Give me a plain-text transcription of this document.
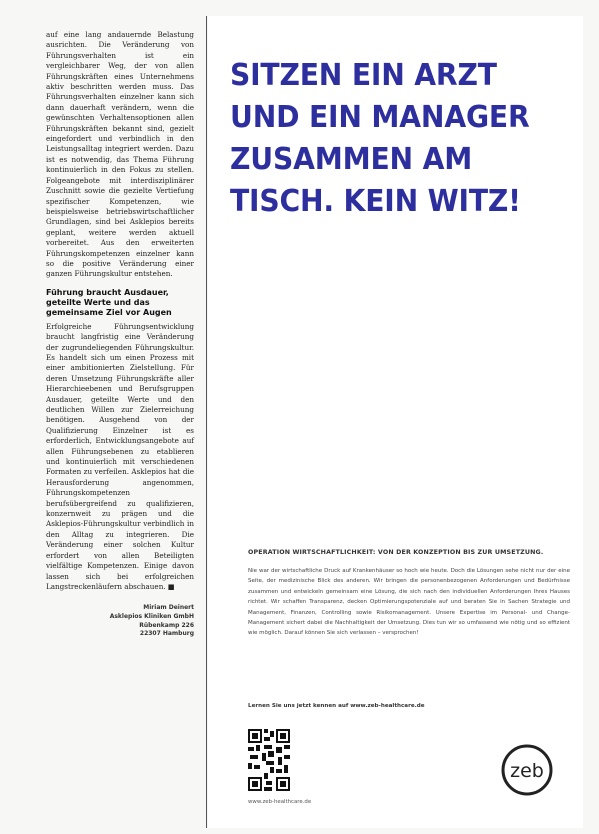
auf eine lang andauernde Belastung ausrichten. Die Veränderung von Führungsverhalten ist ein vergleichbarer Weg, der von allen Führungskräften eines Unternehmens aktiv beschritten werden muss. Das Führungsverhalten einzelner kann sich dann dauerhaft verändern, wenn die gewünschten Verhaltensoptionen allen Führungskräften bekannt sind, gezielt eingefordert und verbindlich in den Leistungsalltag integriert werden. Dazu ist es notwendig, das Thema Führung kontinuierlich in den Fokus zu stellen. Folgeangebote mit interdisziplinärer Zuschnitt sowie die gezielte Vertiefung spezifischer Kompetenzen, wie beispielsweise betriebswirtschaftlicher Grundlagen, sind bei Asklepios bereits geplant, weitere werden aktuell vorbereitet. Aus den erweiterten Führungskompetenzen einzelner kann so die positive Veränderung einer ganzen Führungskultur entstehen.

Führung braucht Ausdauer, geteilte Werte und das gemeinsame Ziel vor Augen

Erfolgreiche Führungsentwicklung braucht langfristig eine Veränderung der zugrundeliegenden Führungskultur. Es handelt sich um einen Prozess mit einer ambitionierten Zielstellung. Für deren Umsetzung Führungskräfte aller Hierarchieebenen und Berufsgruppen Ausdauer, geteilte Werte und den deutlichen Willen zur Zielerreichung benötigen. Ausgehend von der Qualifizierung Einzelner ist es erforderlich, Entwicklungsangebote auf allen Führungsebenen zu etablieren und kontinuierlich mit verschiedenen Formaten zu verfeilen. Asklepios hat die Herausforderung angenommen, Führungskompetenzen berufsübergreifend zu qualifizieren, konzernweit zu prägen und die Asklepios-Führungskultur verbindlich in den Alltag zu integrieren. Die Veränderung einer solchen Kultur erfordert von allen Beteiligten vielfältige Kompetenzen. Einige davon lassen sich bei erfolgreichen Langstreckenläufern abschauen. ■

Miriam Deinert
Asklepios Kliniken GmbH
Rübenkamp 226
22307 Hamburg
SITZEN EIN ARZT
UND EIN MANAGER
ZUSAMMEN AM
TISCH. KEIN WITZ!
OPERATION WIRTSCHAFTLICHKEIT: VON DER KONZEPTION BIS ZUR UMSETZUNG.

Nie war der wirtschaftliche Druck auf Krankenhäuser so hoch wie heute. Doch die Lösungen sehe nicht nur der eine Seite, der medizinische Blick des anderen. Wir bringen die personenbezogenen Anforderungen und Bedürfnisse zusammen und entwickeln gemeinsam eine Lösung, die sich nach den individuellen Anforderungen Ihres Hauses richtet. Wir schaffen Transparenz, decken Optimierungspotenziale auf und beraten Sie in Sachen Strategie und Management, Finanzen, Controlling sowie Risikomanagement. Unsere Expertise im Personal- und Change-Management sichert dabei die Nachhaltigkeit der Umsetzung. Dies tun wir so umfassend wie nötig und so effizient wie möglich. Darauf können Sie sich verlassen – versprochen!

Lernen Sie uns jetzt kennen auf www.zeb-healthcare.de
www.zeb-healthcare.de
zeb
